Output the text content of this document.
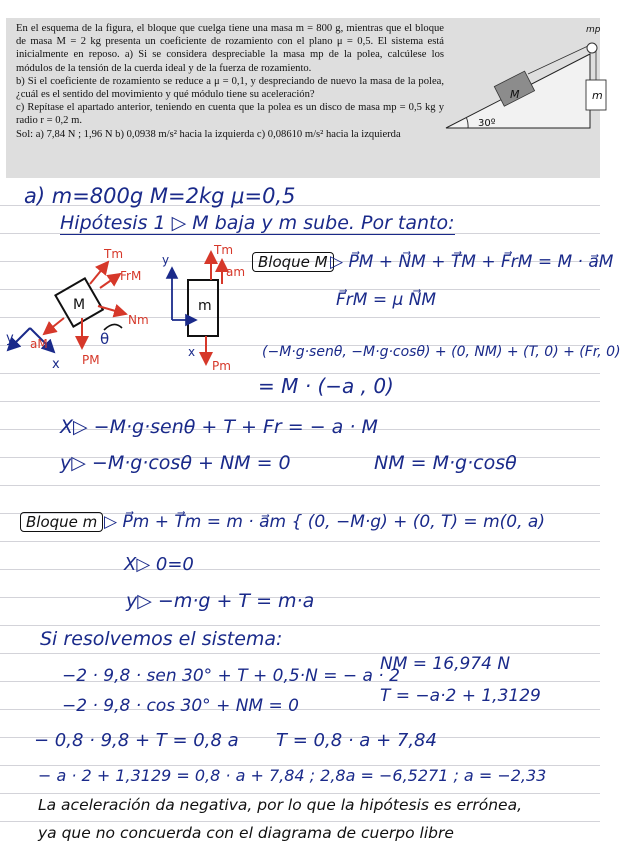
En el esquema de la figura, el bloque que cuelga tiene una masa m = 800 g, mientras que el bloque de masa M = 2 kg presenta un coeficiente de rozamiento con el plano μ = 0,5. El sistema está inicialmente en reposo. a) Si se considera despreciable la masa mp de la polea, calcúlese los módulos de la tensión de la cuerda ideal y de la fuerza de rozamiento.

b) Si el coeficiente de rozamiento se reduce a μ = 0,1, y despreciando de nuevo la masa de la polea, ¿cuál es el sentido del movimiento y qué módulo tiene su aceleración?

c) Repítase el apartado anterior, teniendo en cuenta que la polea es un disco de masa mp = 0,5 kg y radio r = 0,2 m.

Sol: a) 7,84 N ; 1,96 N b) 0,0938 m/s² hacia la izquierda c) 0,08610 m/s² hacia la izquierda

30º
M
mp
m
a) m=800g M=2kg μ=0,5
Hipótesis 1 ▷ M baja y m sube. Por tanto:
y
x
M
θ
Tm
FrM
Nm
aM
PM
m
Tm
am
Pm
y
x
Bloque M ▷ P⃗M + N⃗M + T⃗M + F⃗rM = M · a⃗M
F⃗rM = μ N⃗M
(−M·g·senθ, −M·g·cosθ) + (0, NM) + (T, 0) + (Fr, 0)
= M · (−a , 0)
X▷ −M·g·senθ + T + Fr = − a · M
y▷ −M·g·cosθ + NM = 0	NM = M·g·cosθ
Bloque m ▷ P⃗m + T⃗m = m · a⃗m { (0, −M·g) + (0, T) = m(0, a)
X▷ 0=0
y▷ −m·g + T = m·a
Si resolvemos el sistema:
−2 · 9,8 · sen 30° + T + 0,5·N = − a · 2
−2 · 9,8 · cos 30° + NM = 0
NM = 16,974 N
T = −a·2 + 1,3129
− 0,8 · 9,8 + T = 0,8 a T = 0,8 · a + 7,84
− a · 2 + 1,3129 = 0,8 · a + 7,84 ; 2,8a = −6,5271 ; a = −2,33
La aceleración da negativa, por lo que la hipótesis es errónea,
ya que no concuerda con el diagrama de cuerpo libre
